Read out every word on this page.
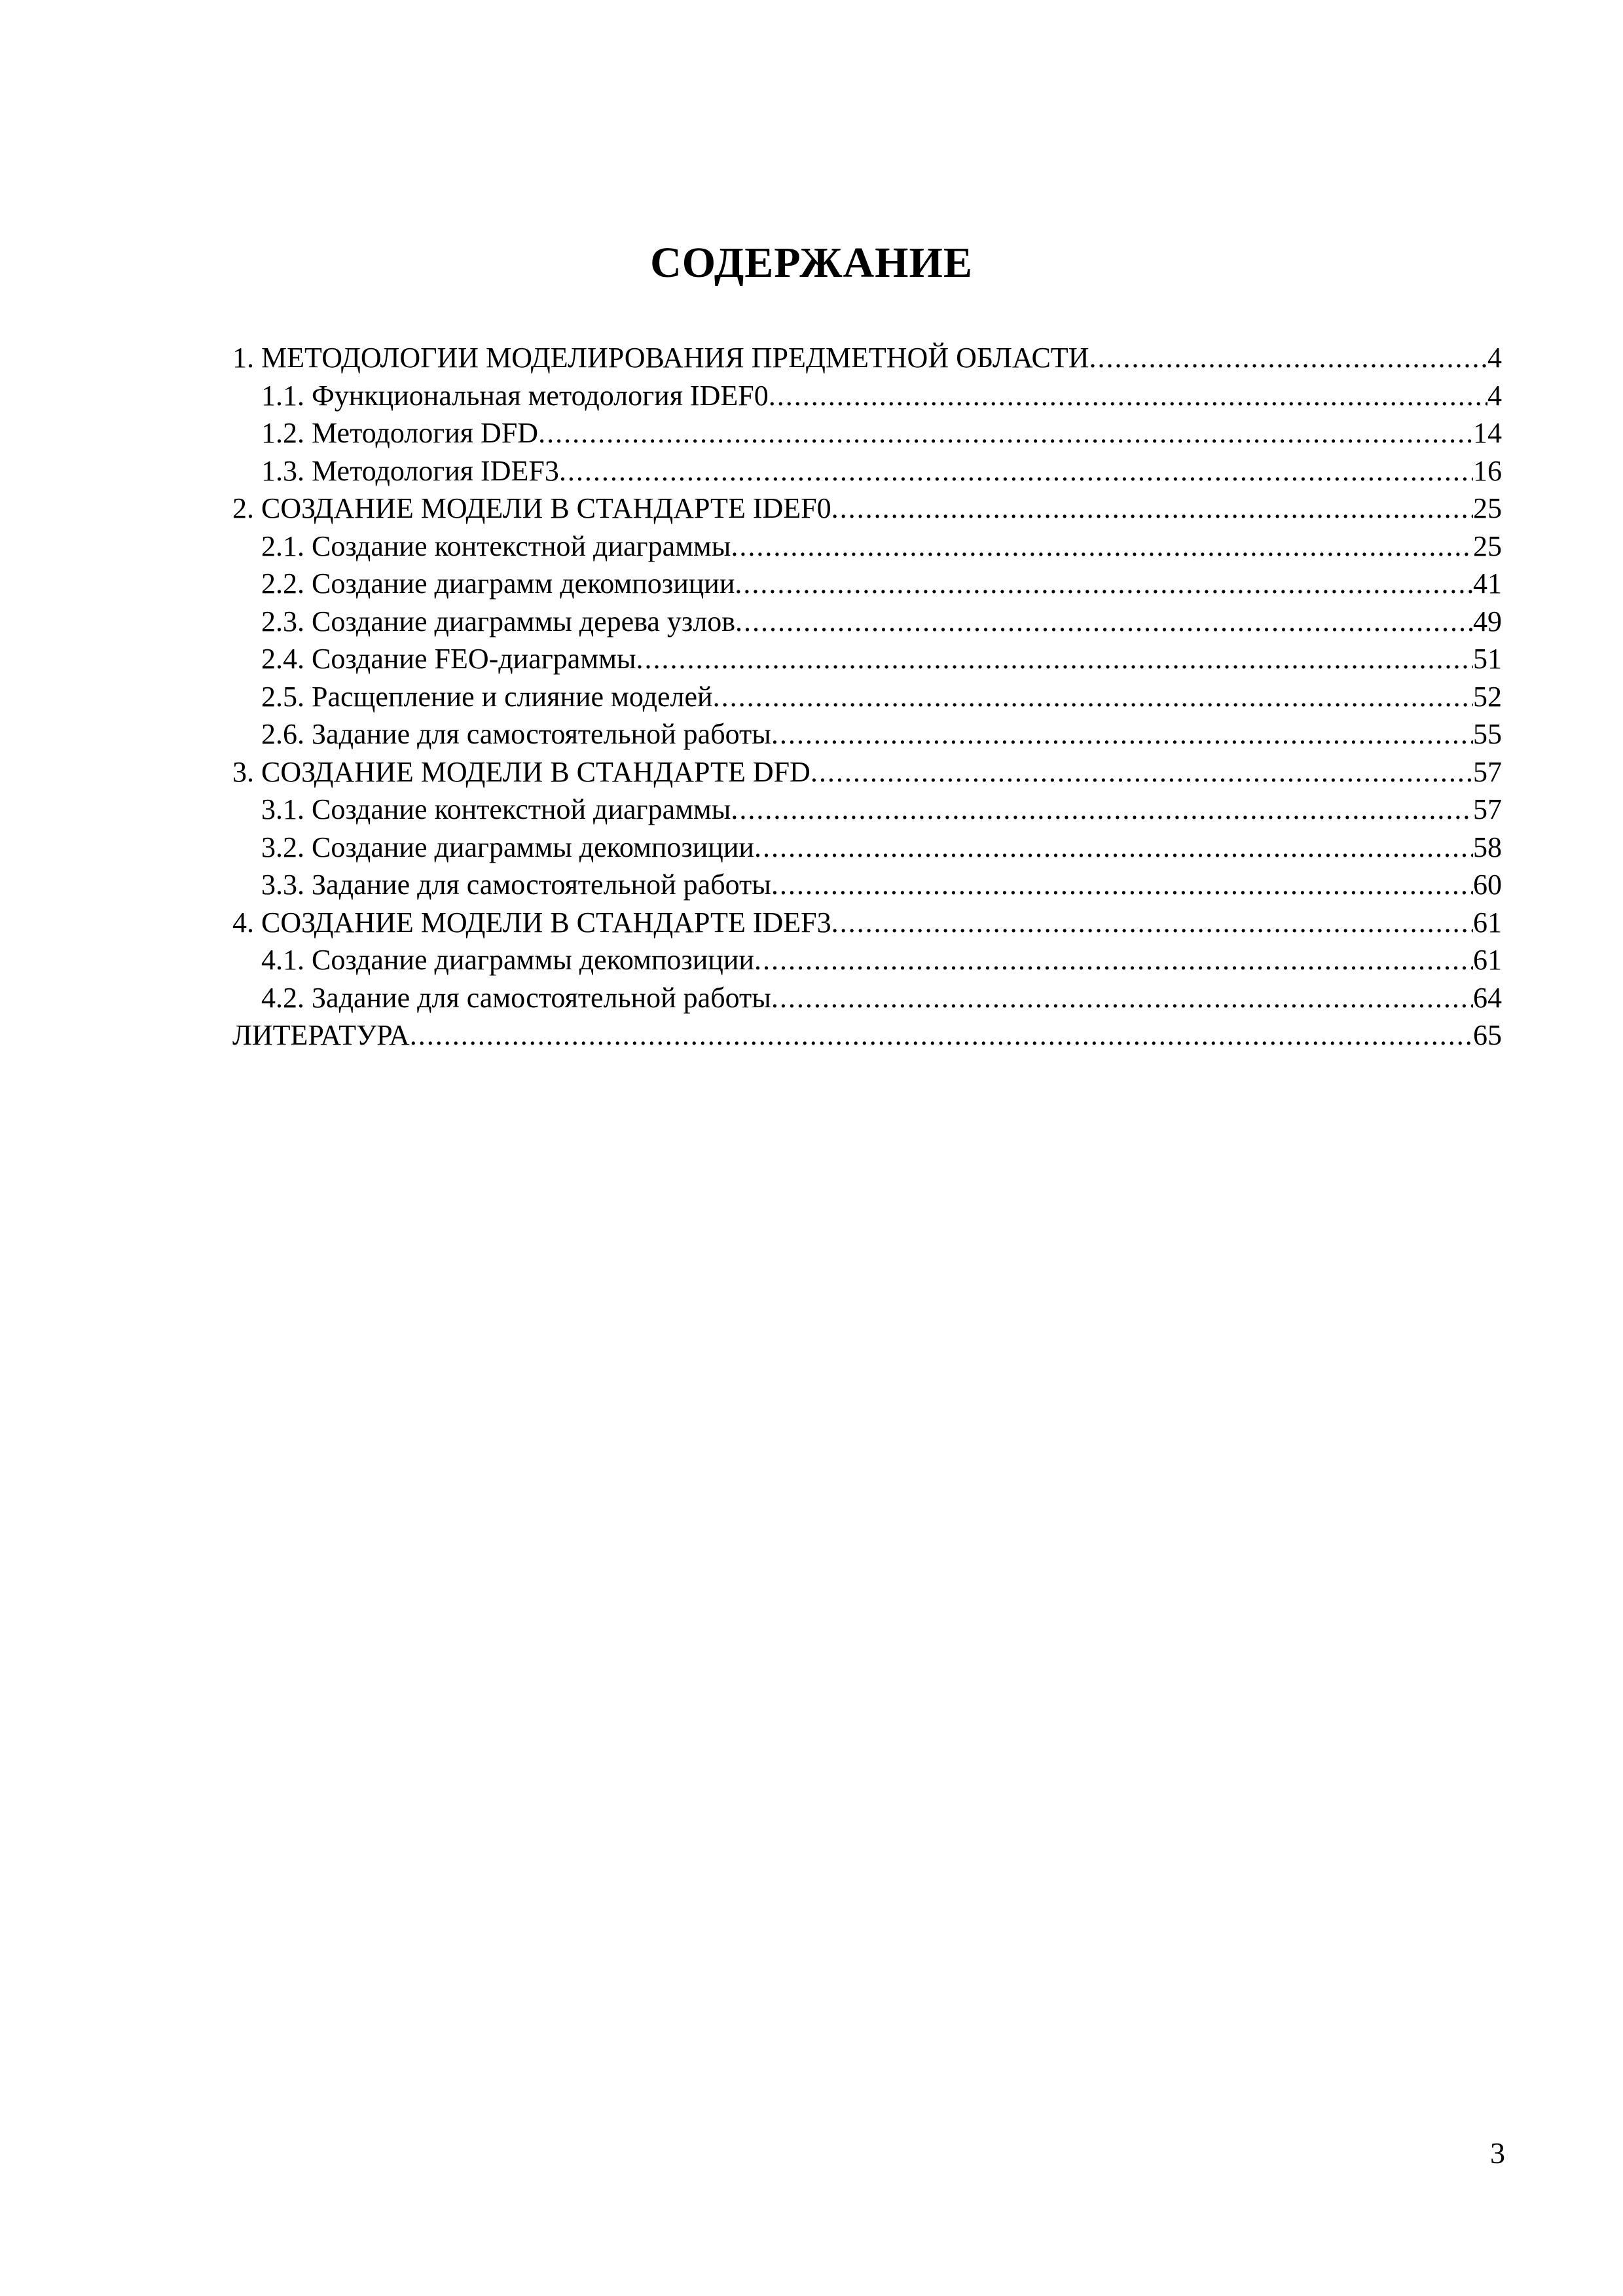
СОДЕРЖАНИЕ
1. МЕТОДОЛОГИИ МОДЕЛИРОВАНИЯ ПРЕДМЕТНОЙ ОБЛАСТИ .....	4
1.1. Функциональная методология IDEF0 .....	4
1.2. Методология DFD .....	14
1.3. Методология IDEF3 .....	16
2. СОЗДАНИЕ МОДЕЛИ В СТАНДАРТЕ IDEF0 .....	25
2.1. Создание контекстной диаграммы .....	25
2.2. Создание диаграмм декомпозиции .....	41
2.3. Создание диаграммы дерева узлов .....	49
2.4. Создание FEO-диаграммы .....	51
2.5. Расщепление и слияние моделей .....	52
2.6. Задание для самостоятельной работы .....	55
3. СОЗДАНИЕ МОДЕЛИ В СТАНДАРТЕ DFD .....	57
3.1. Создание контекстной диаграммы .....	57
3.2. Создание диаграммы декомпозиции .....	58
3.3. Задание для самостоятельной работы .....	60
4. СОЗДАНИЕ МОДЕЛИ В СТАНДАРТЕ IDEF3 .....	61
4.1. Создание диаграммы декомпозиции .....	61
4.2. Задание для самостоятельной работы .....	64
ЛИТЕРАТУРА .....	65
3
